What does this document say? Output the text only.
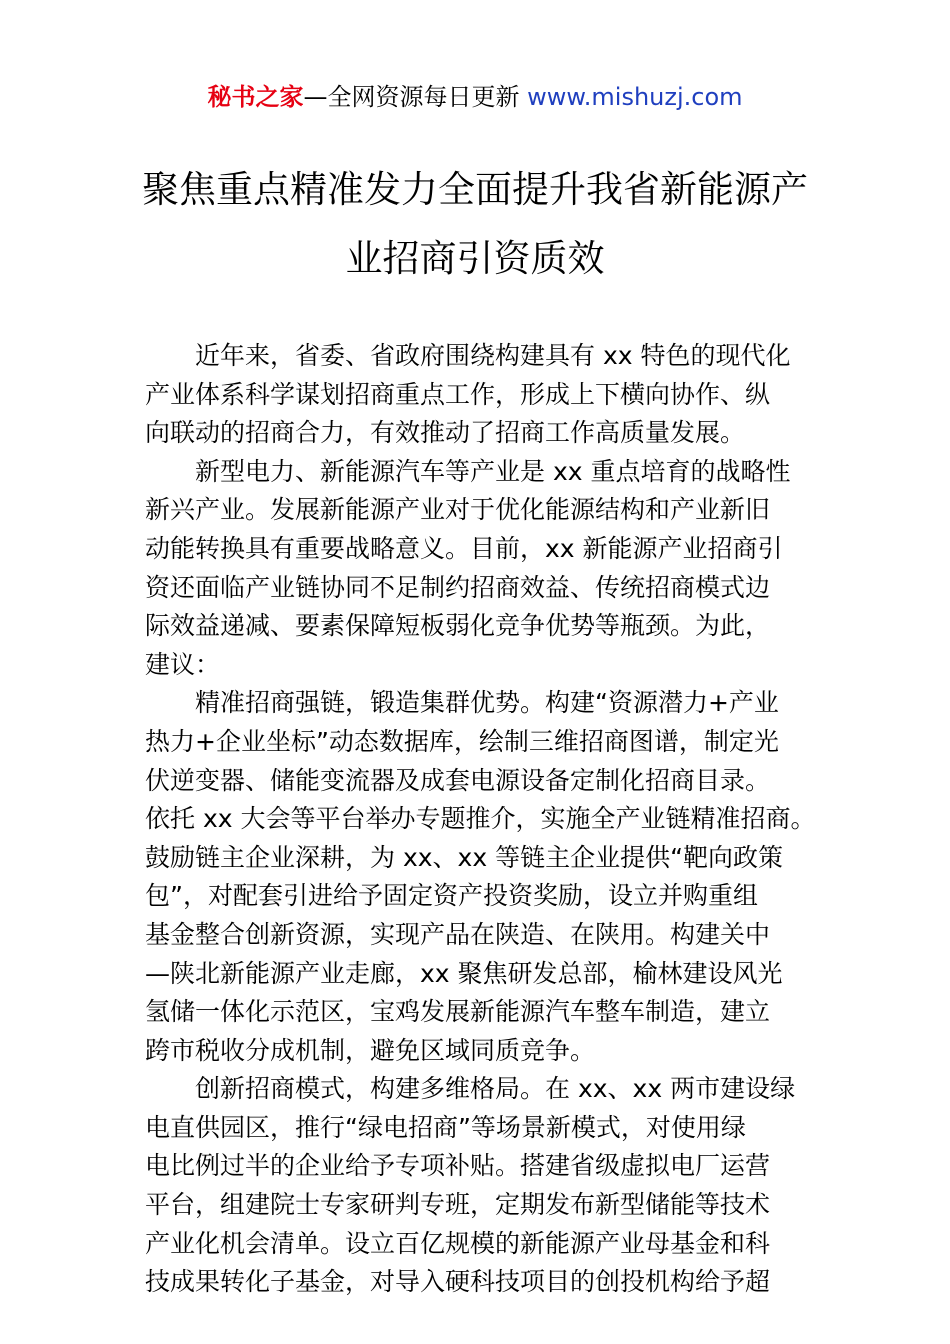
秘书之家—全网资源每日更新 www.mishuzj.com
聚焦重点精准发力全面提升我省新能源产
业招商引资质效

近年来，省委、省政府围绕构建具有 xx 特色的现代化
产业体系科学谋划招商重点工作，形成上下横向协作、纵
向联动的招商合力，有效推动了招商工作高质量发展。

新型电力、新能源汽车等产业是 xx 重点培育的战略性
新兴产业。发展新能源产业对于优化能源结构和产业新旧
动能转换具有重要战略意义。目前，xx 新能源产业招商引
资还面临产业链协同不足制约招商效益、传统招商模式边
际效益递减、要素保障短板弱化竞争优势等瓶颈。为此，
建议：

精准招商强链，锻造集群优势。构建“资源潜力+产业
热力+企业坐标”动态数据库，绘制三维招商图谱，制定光
伏逆变器、储能变流器及成套电源设备定制化招商目录。
依托 xx 大会等平台举办专题推介，实施全产业链精准招商。
鼓励链主企业深耕，为 xx、xx 等链主企业提供“靶向政策
包”，对配套引进给予固定资产投资奖励，设立并购重组
基金整合创新资源，实现产品在陕造、在陕用。构建关中
—陕北新能源产业走廊，xx 聚焦研发总部，榆林建设风光
氢储一体化示范区，宝鸡发展新能源汽车整车制造，建立
跨市税收分成机制，避免区域同质竞争。

创新招商模式，构建多维格局。在 xx、xx 两市建设绿
电直供园区，推行“绿电招商”等场景新模式，对使用绿
电比例过半的企业给予专项补贴。搭建省级虚拟电厂运营
平台，组建院士专家研判专班，定期发布新型储能等技术
产业化机会清单。设立百亿规模的新能源产业母基金和科
技成果转化子基金，对导入硬科技项目的创投机构给予超
